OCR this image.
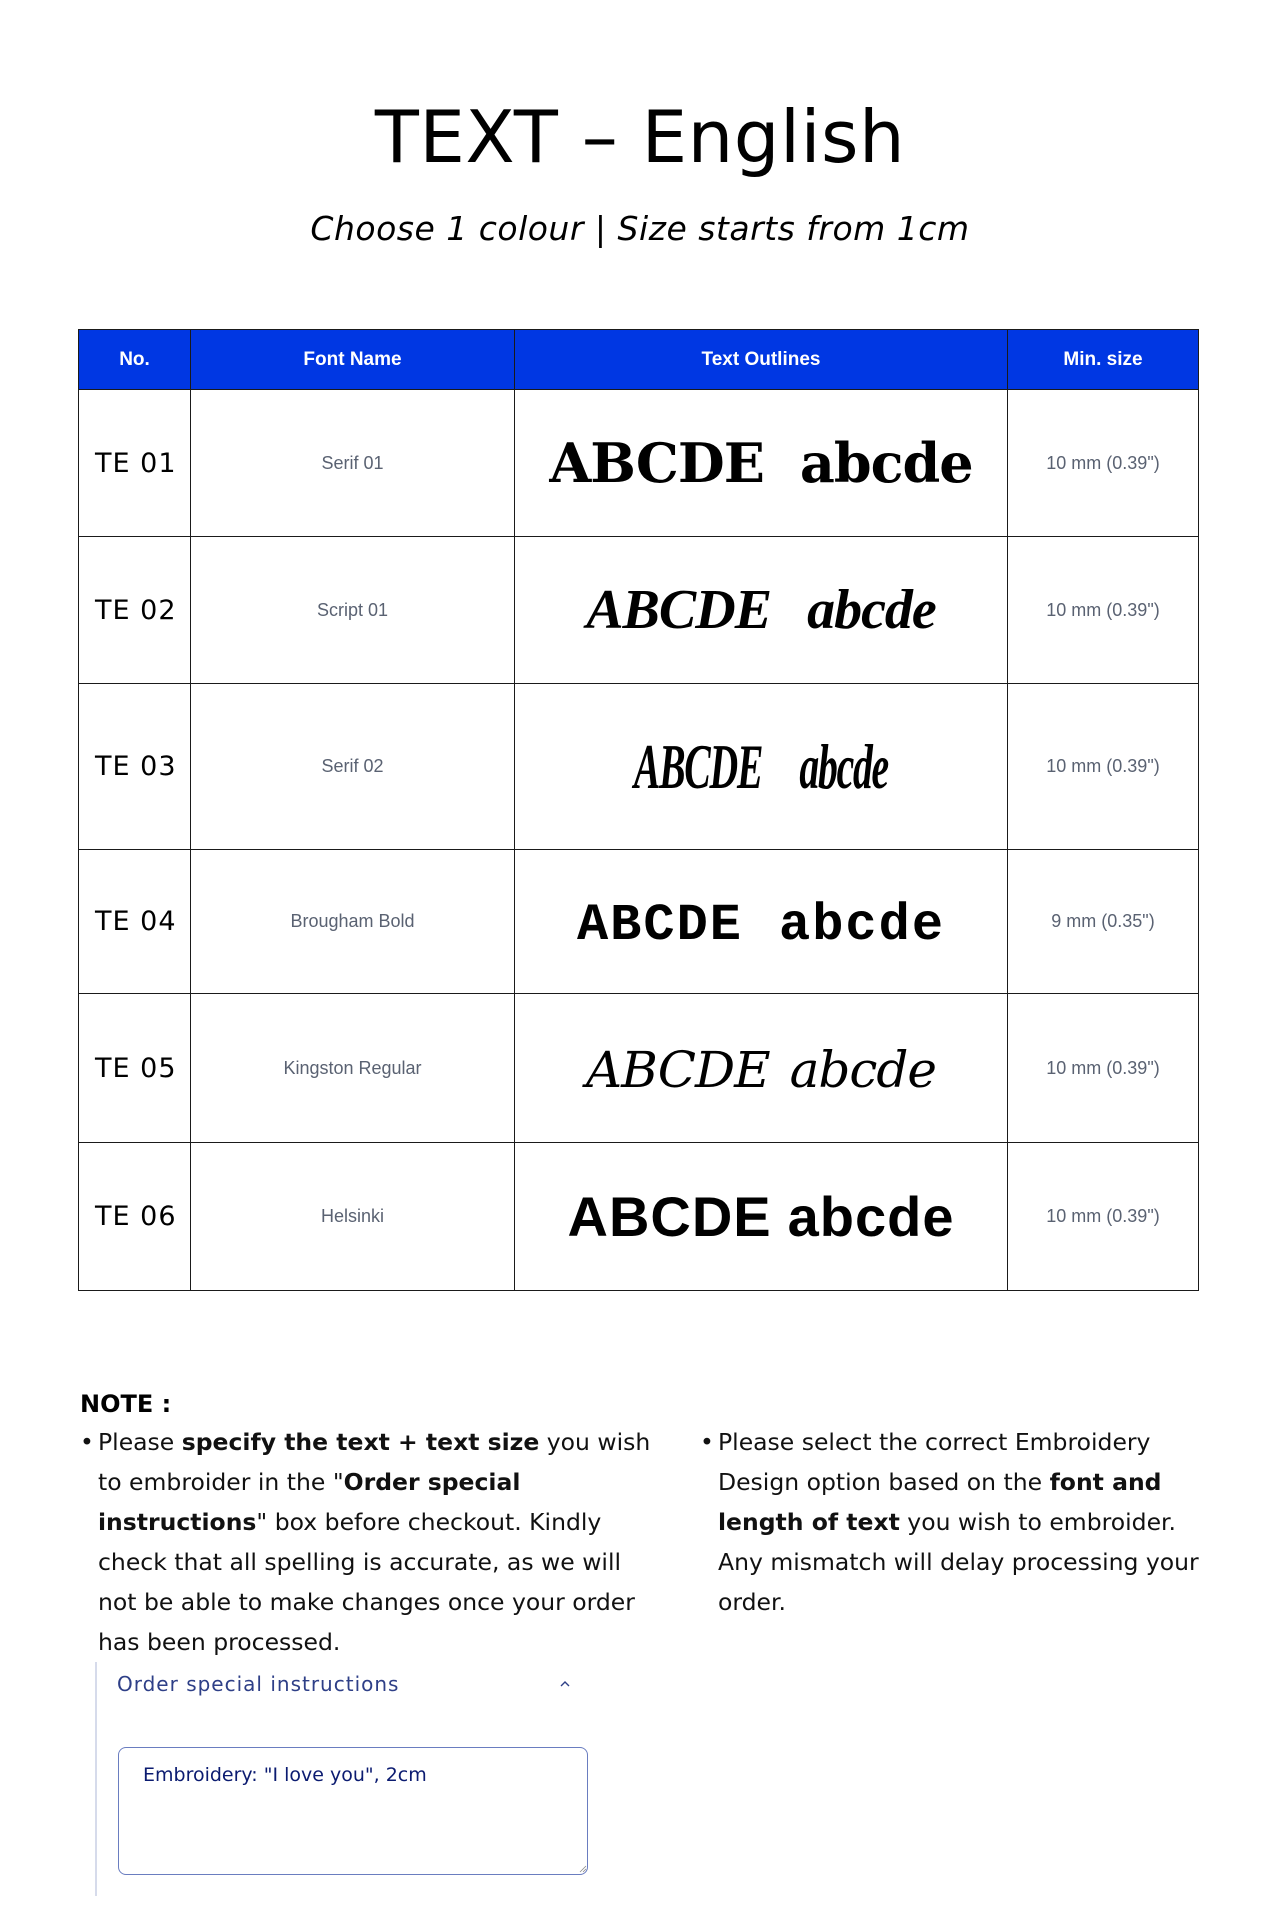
TEXT – English
Choose 1 colour | Size starts from 1cm
No.	Font Name	Text Outlines	Min. size
TE 01	Serif 01	ABCDE abcde	10 mm (0.39")
TE 02	Script 01	ABCDE abcde	10 mm (0.39")
TE 03	Serif 02	ABCDE abcde	10 mm (0.39")
TE 04	Brougham Bold	ABCDE abcde	9 mm (0.35")
TE 05	Kingston Regular	ABCDE abcde	10 mm (0.39")
TE 06	Helsinki	ABCDE abcde	10 mm (0.39")
NOTE :
• Please specify the text + text size you wish to embroider in the "Order special instructions" box before checkout. Kindly check that all spelling is accurate, as we will not be able to make changes once your order has been processed.
• Please select the correct Embroidery Design option based on the font and length of text you wish to embroider. Any mismatch will delay processing your order.
Order special instructions
Embroidery: "I love you", 2cm
